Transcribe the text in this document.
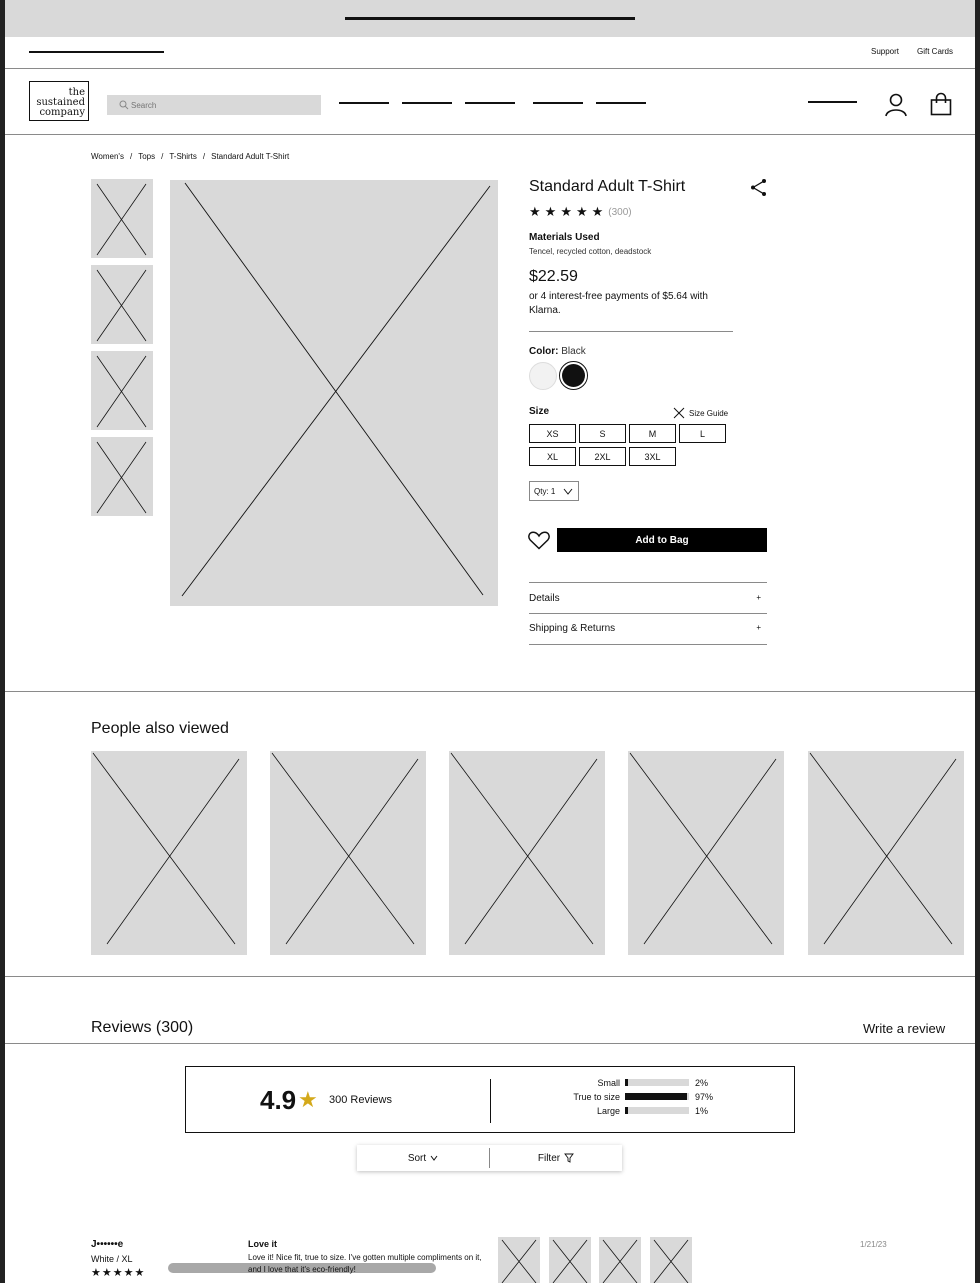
Support Gift Cards
the
sustained
company
Search
Women's / Tops / T-Shirts / Standard Adult T-Shirt
Standard Adult T-Shirt
★ ★ ★ ★ ★ (300)
Materials Used
Tencel, recycled cotton, deadstock
$22.59
or 4 interest-free payments of $5.64 with Klarna.
Color: Black
Size	Size Guide
XS	S	M	L
XL	2XL	3XL
Qty: 1
Add to Bag
Details	+
Shipping & Returns	+
People also viewed
Reviews (300)	Write a review
4.9 ★ 300 Reviews
Small	2%
True to size	97%
Large	1%
Sort	Filter
J••••••e
White / XL
★ ★ ★ ★ ★
Love it
Love it! Nice fit, true to size. I've gotten multiple compliments on it, and I love that it's eco-friendly!
1/21/23
